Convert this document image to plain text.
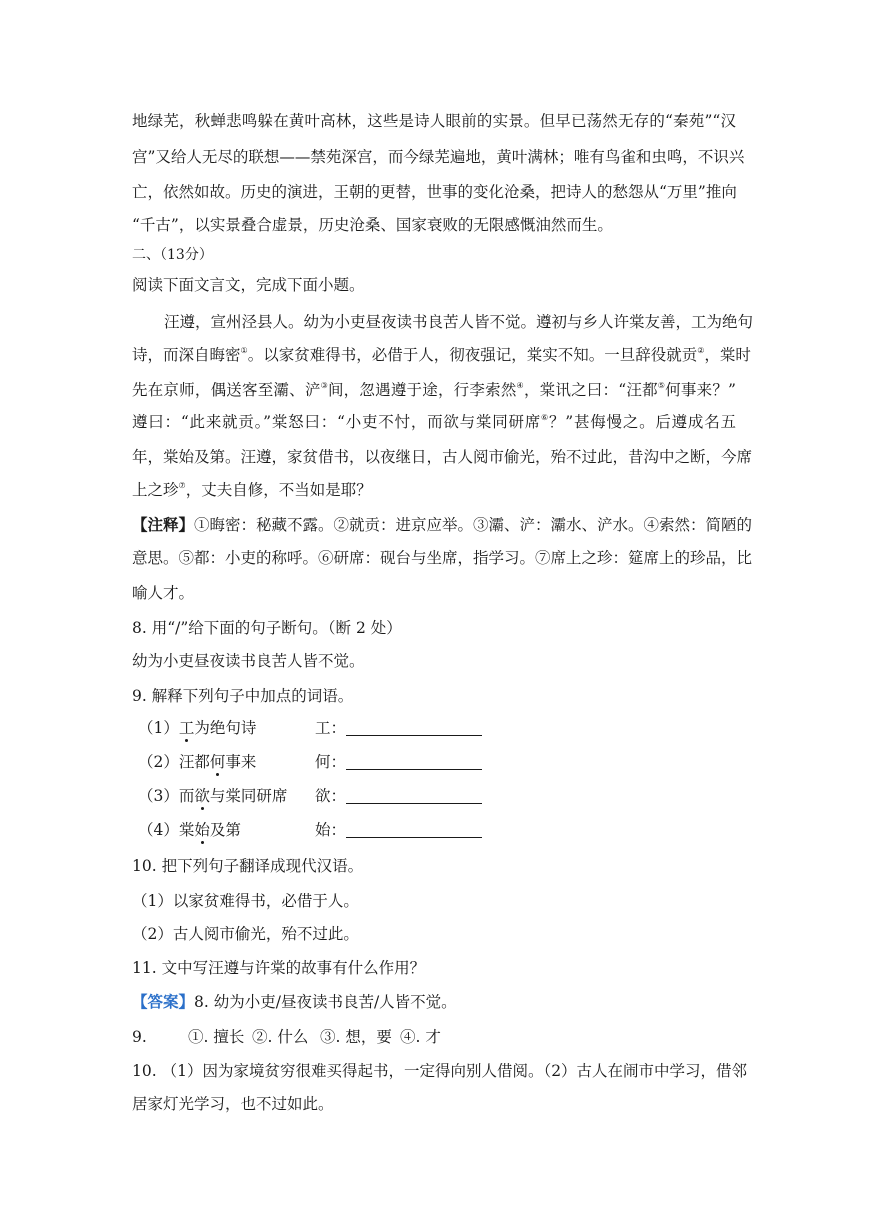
地绿芜，秋蝉悲鸣躲在黄叶高林，这些是诗人眼前的实景。但早已荡然无存的“秦苑”“汉
宫”又给人无尽的联想——禁苑深宫，而今绿芜遍地，黄叶满林；唯有鸟雀和虫鸣，不识兴
亡，依然如故。历史的演进，王朝的更替，世事的变化沧桑，把诗人的愁怨从“万里”推向
“千古”，以实景叠合虚景，历史沧桑、国家衰败的无限感慨油然而生。
二、（13分）
阅读下面文言文，完成下面小题。
汪遵，宣州泾县人。幼为小吏昼夜读书良苦人皆不觉。遵初与乡人许棠友善，工为绝句
诗，而深自晦密①。以家贫难得书，必借于人，彻夜强记，棠实不知。一旦辞役就贡②，棠时
先在京师，偶送客至灞、浐③间，忽遇遵于途，行李索然④，棠讯之曰：“汪都⑤何事来？”
遵曰：“此来就贡。”棠怒曰：“小吏不忖，而欲与棠同研席⑥？”甚侮慢之。后遵成名五
年，棠始及第。汪遵，家贫借书，以夜继日，古人阅市偷光，殆不过此，昔沟中之断，今席
上之珍⑦，丈夫自修，不当如是耶？
【注释】①晦密：秘藏不露。②就贡：进京应举。③灞、浐：灞水、浐水。④索然：简陋的
意思。⑤都：小吏的称呼。⑥研席：砚台与坐席，指学习。⑦席上之珍：筵席上的珍品，比
喻人才。
8. 用“/”给下面的句子断句。（断 2 处）
幼为小吏昼夜读书良苦人皆不觉。
9. 解释下列句子中加点的词语。
（1）工为绝句诗	工：
（2）汪都何事来	何：
（3）而欲与棠同研席 欲：
（4）棠始及第	始：
10. 把下列句子翻译成现代汉语。
（1）以家贫难得书，必借于人。
（2）古人阅市偷光，殆不过此。
11. 文中写汪遵与许棠的故事有什么作用？
【答案】8. 幼为小吏/昼夜读书良苦/人皆不觉。
9.	①. 擅长 ②. 什么 ③. 想，要 ④. 才
10. （1）因为家境贫穷很难买得起书，一定得向别人借阅。（2）古人在闹市中学习，借邻
居家灯光学习，也不过如此。
